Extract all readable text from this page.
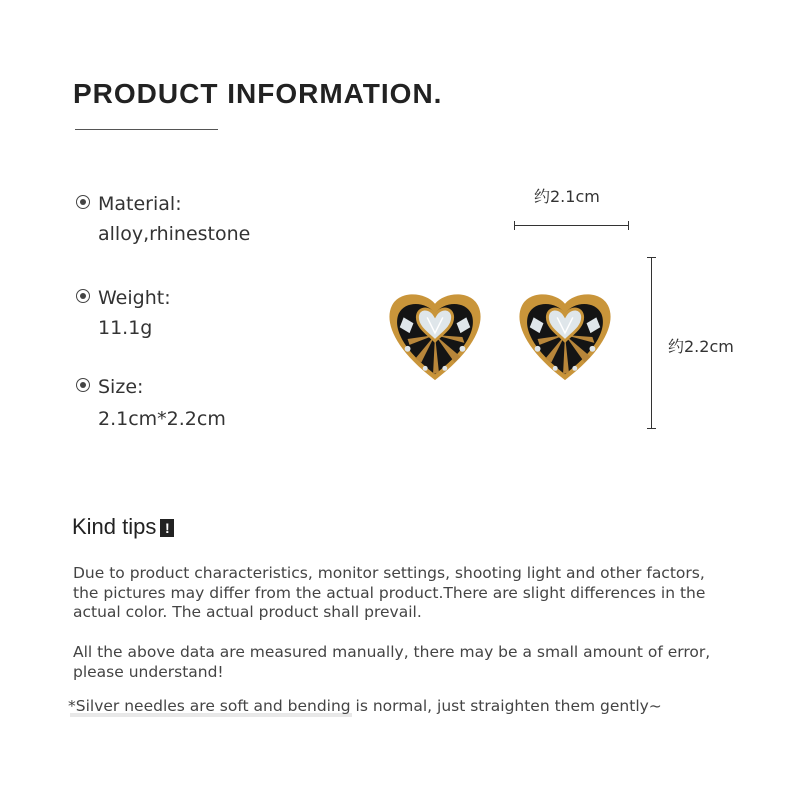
PRODUCT INFORMATION.
Material:
alloy,rhinestone
Weight:
11.1g
Size:
2.1cm*2.2cm
约2.1cm
约2.2cm
Kind tips !
Due to product characteristics, monitor settings, shooting light and other factors, the pictures may differ from the actual product.There are slight differences in the actual color. The actual product shall prevail.
All the above data are measured manually, there may be a small amount of error, please understand!
*Silver needles are soft and bending is normal, just straighten them gently~
